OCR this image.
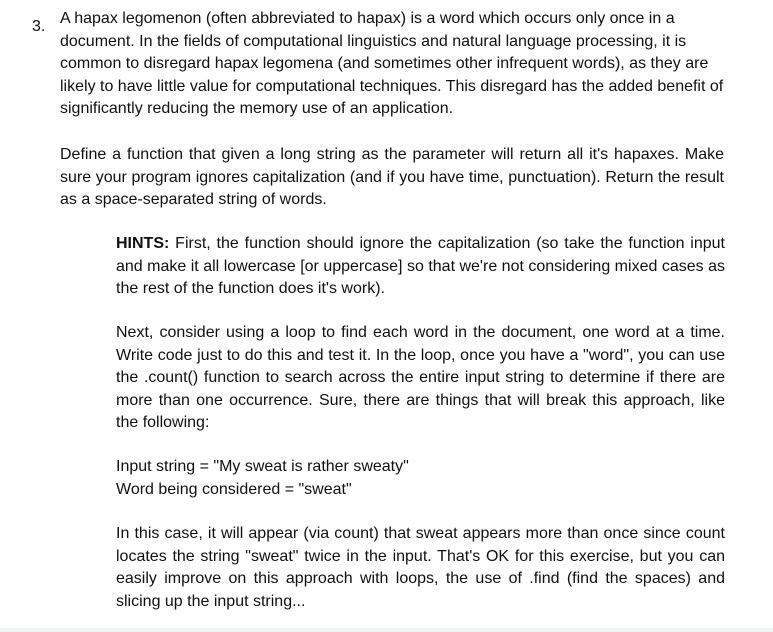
3. A hapax legomenon (often abbreviated to hapax) is a word which occurs only once in a document. In the fields of computational linguistics and natural language processing, it is common to disregard hapax legomena (and sometimes other infrequent words), as they are likely to have little value for computational techniques. This disregard has the added benefit of significantly reducing the memory use of an application.

Define a function that given a long string as the parameter will return all it's hapaxes. Make sure your program ignores capitalization (and if you have time, punctuation). Return the result as a space-separated string of words.

HINTS: First, the function should ignore the capitalization (so take the function input and make it all lowercase [or uppercase] so that we're not considering mixed cases as the rest of the function does it's work).

Next, consider using a loop to find each word in the document, one word at a time. Write code just to do this and test it. In the loop, once you have a "word", you can use the .count() function to search across the entire input string to determine if there are more than one occurrence. Sure, there are things that will break this approach, like the following:

Input string = "My sweat is rather sweaty"
Word being considered = "sweat"

In this case, it will appear (via count) that sweat appears more than once since count locates the string "sweat" twice in the input. That's OK for this exercise, but you can easily improve on this approach with loops, the use of .find (find the spaces) and slicing up the input string...
